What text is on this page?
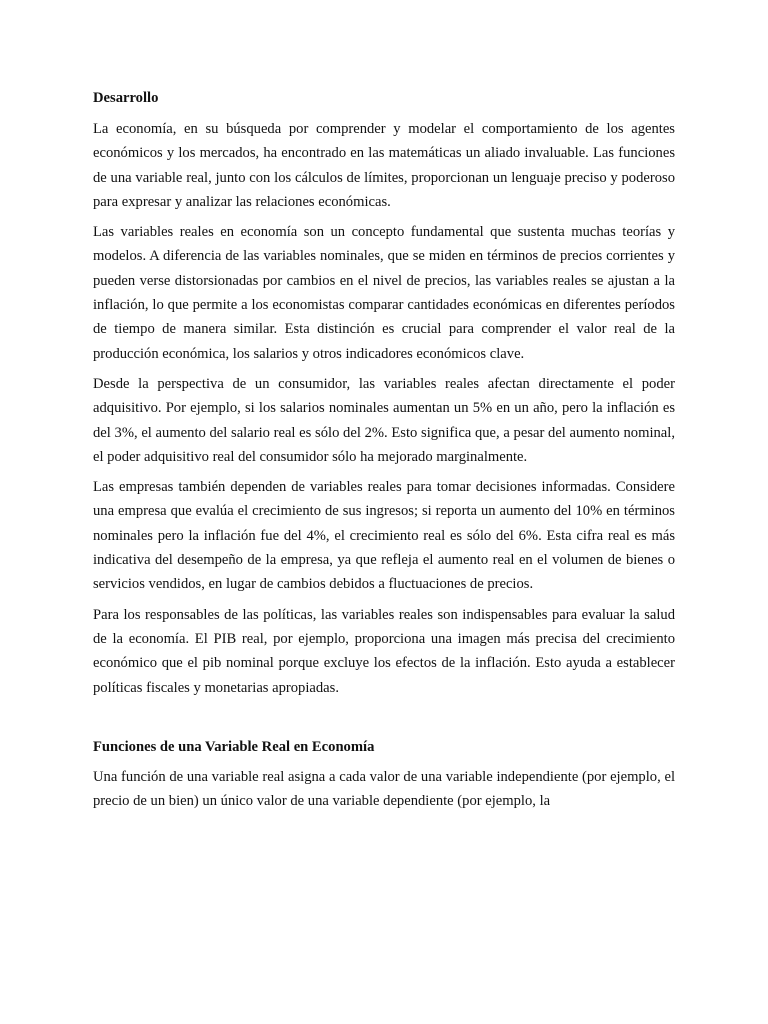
Desarrollo

La economía, en su búsqueda por comprender y modelar el comportamiento de los agentes económicos y los mercados, ha encontrado en las matemáticas un aliado invaluable. Las funciones de una variable real, junto con los cálculos de límites, proporcionan un lenguaje preciso y poderoso para expresar y analizar las relaciones económicas.

Las variables reales en economía son un concepto fundamental que sustenta muchas teorías y modelos. A diferencia de las variables nominales, que se miden en términos de precios corrientes y pueden verse distorsionadas por cambios en el nivel de precios, las variables reales se ajustan a la inflación, lo que permite a los economistas comparar cantidades económicas en diferentes períodos de tiempo de manera similar. Esta distinción es crucial para comprender el valor real de la producción económica, los salarios y otros indicadores económicos clave.

Desde la perspectiva de un consumidor, las variables reales afectan directamente el poder adquisitivo. Por ejemplo, si los salarios nominales aumentan un 5% en un año, pero la inflación es del 3%, el aumento del salario real es sólo del 2%. Esto significa que, a pesar del aumento nominal, el poder adquisitivo real del consumidor sólo ha mejorado marginalmente.

Las empresas también dependen de variables reales para tomar decisiones informadas. Considere una empresa que evalúa el crecimiento de sus ingresos; si reporta un aumento del 10% en términos nominales pero la inflación fue del 4%, el crecimiento real es sólo del 6%. Esta cifra real es más indicativa del desempeño de la empresa, ya que refleja el aumento real en el volumen de bienes o servicios vendidos, en lugar de cambios debidos a fluctuaciones de precios.

Para los responsables de las políticas, las variables reales son indispensables para evaluar la salud de la economía. El PIB real, por ejemplo, proporciona una imagen más precisa del crecimiento económico que el pib nominal porque excluye los efectos de la inflación. Esto ayuda a establecer políticas fiscales y monetarias apropiadas.

Funciones de una Variable Real en Economía

Una función de una variable real asigna a cada valor de una variable independiente (por ejemplo, el precio de un bien) un único valor de una variable dependiente (por ejemplo, la
